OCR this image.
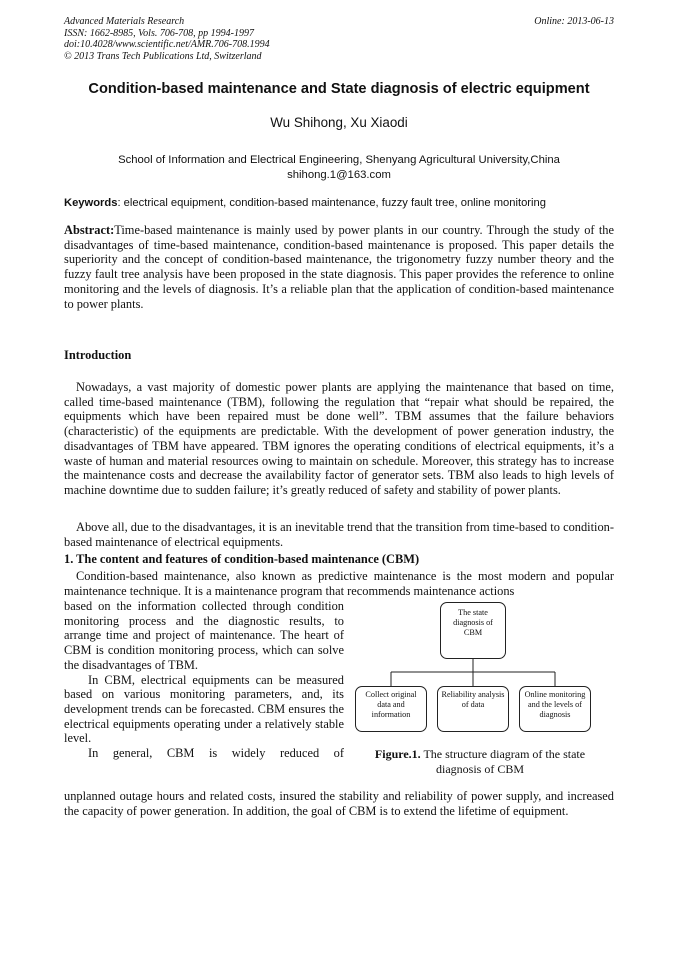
Advanced Materials Research
ISSN: 1662-8985, Vols. 706-708, pp 1994-1997
doi:10.4028/www.scientific.net/AMR.706-708.1994
© 2013 Trans Tech Publications Ltd, Switzerland
Online: 2013-06-13
Condition-based maintenance and State diagnosis of electric equipment
Wu Shihong, Xu Xiaodi
School of Information and Electrical Engineering, Shenyang Agricultural University,China
shihong.1@163.com
Keywords: electrical equipment, condition-based maintenance, fuzzy fault tree, online monitoring
Abstract:Time-based maintenance is mainly used by power plants in our country. Through the study of the disadvantages of time-based maintenance, condition-based maintenance is proposed. This paper details the superiority and the concept of condition-based maintenance, the trigonometry fuzzy number theory and the fuzzy fault tree analysis have been proposed in the state diagnosis. This paper provides the reference to online monitoring and the levels of diagnosis. It’s a reliable plan that the application of condition-based maintenance to power plants.
Introduction
Nowadays, a vast majority of domestic power plants are applying the maintenance that based on time, called time-based maintenance (TBM), following the regulation that “repair what should be repaired, the equipments which have been repaired must be done well”. TBM assumes that the failure behaviors (characteristic) of the equipments are predictable. With the development of power generation industry, the disadvantages of TBM have appeared. TBM ignores the operating conditions of electrical equipments, it’s a waste of human and material resources owing to maintain on schedule. Moreover, this strategy has to increase the maintenance costs and decrease the availability factor of generator sets. TBM also leads to high levels of machine downtime due to sudden failure; it’s greatly reduced of safety and stability of power plants.
Above all, due to the disadvantages, it is an inevitable trend that the transition from time-based to condition-based maintenance of electrical equipments.
1. The content and features of condition-based maintenance (CBM)
Condition-based maintenance, also known as predictive maintenance is the most modern and popular maintenance technique. It is a maintenance program that recommends maintenance actions

based on the information collected through condition monitoring process and the diagnostic results, to arrange time and project of maintenance. The heart of CBM is condition monitoring process, which can solve the disadvantages of TBM.

In CBM, electrical equipments can be measured based on various monitoring parameters, and, its development trends can be forecasted. CBM ensures the electrical equipments operating under a relatively stable level.

In general, CBM is widely reduced of

unplanned outage hours and related costs, insured the stability and reliability of power supply, and increased the capacity of power generation. In addition, the goal of CBM is to extend the lifetime of equipment.
The state diagnosis of CBM
Collect original data and information
Reliability analysis of data
Online monitoring and the levels of diagnosis
Figure.1. The structure diagram of the state diagnosis of CBM
